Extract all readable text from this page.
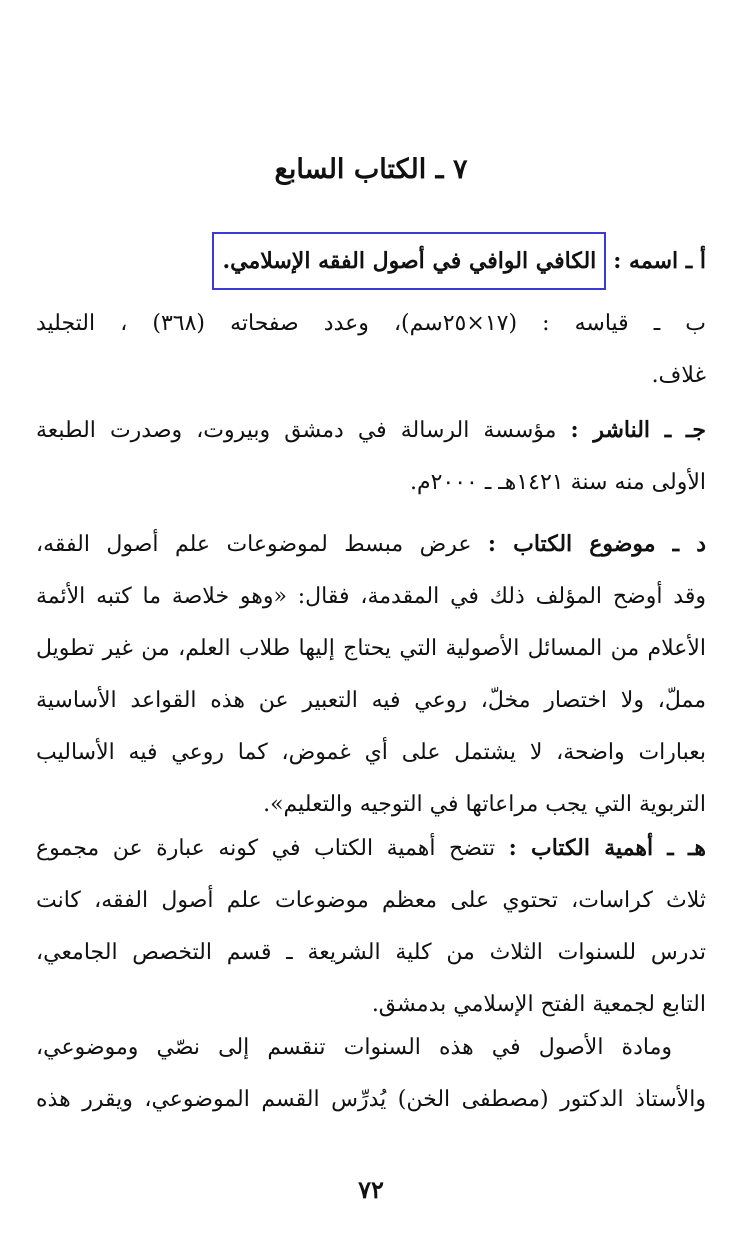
٧ ـ الكتاب السابع
أ ـ اسمه : الكافي الوافي في أصول الفقه الإسلامي.
ب ـ قياسه : (١٧×٢٥سم)، وعدد صفحاته (٣٦٨) ، التجليد
غلاف.
جـ ـ الناشر : مؤسسة الرسالة في دمشق وبيروت، وصدرت الطبعة
الأولى منه سنة ١٤٢١هـ ـ ٢٠٠٠م.
د ـ موضوع الكتاب : عرض مبسط لموضوعات علم أصول الفقه،
وقد أوضح المؤلف ذلك في المقدمة، فقال: «وهو خلاصة ما كتبه الأئمة
الأعلام من المسائل الأصولية التي يحتاج إليها طلاب العلم، من غير تطويل
مملّ، ولا اختصار مخلّ، روعي فيه التعبير عن هذه القواعد الأساسية
بعبارات واضحة، لا يشتمل على أي غموض، كما روعي فيه الأساليب
التربوية التي يجب مراعاتها في التوجيه والتعليم».
هـ ـ أهمية الكتاب : تتضح أهمية الكتاب في كونه عبارة عن مجموع
ثلاث كراسات، تحتوي على معظم موضوعات علم أصول الفقه، كانت
تدرس للسنوات الثلاث من كلية الشريعة ـ قسم التخصص الجامعي،
التابع لجمعية الفتح الإسلامي بدمشق.
ومادة الأصول في هذه السنوات تنقسم إلى نصّي وموضوعي،
والأستاذ الدكتور (مصطفى الخن) يُدرِّس القسم الموضوعي، ويقرر هذه
٧٢
